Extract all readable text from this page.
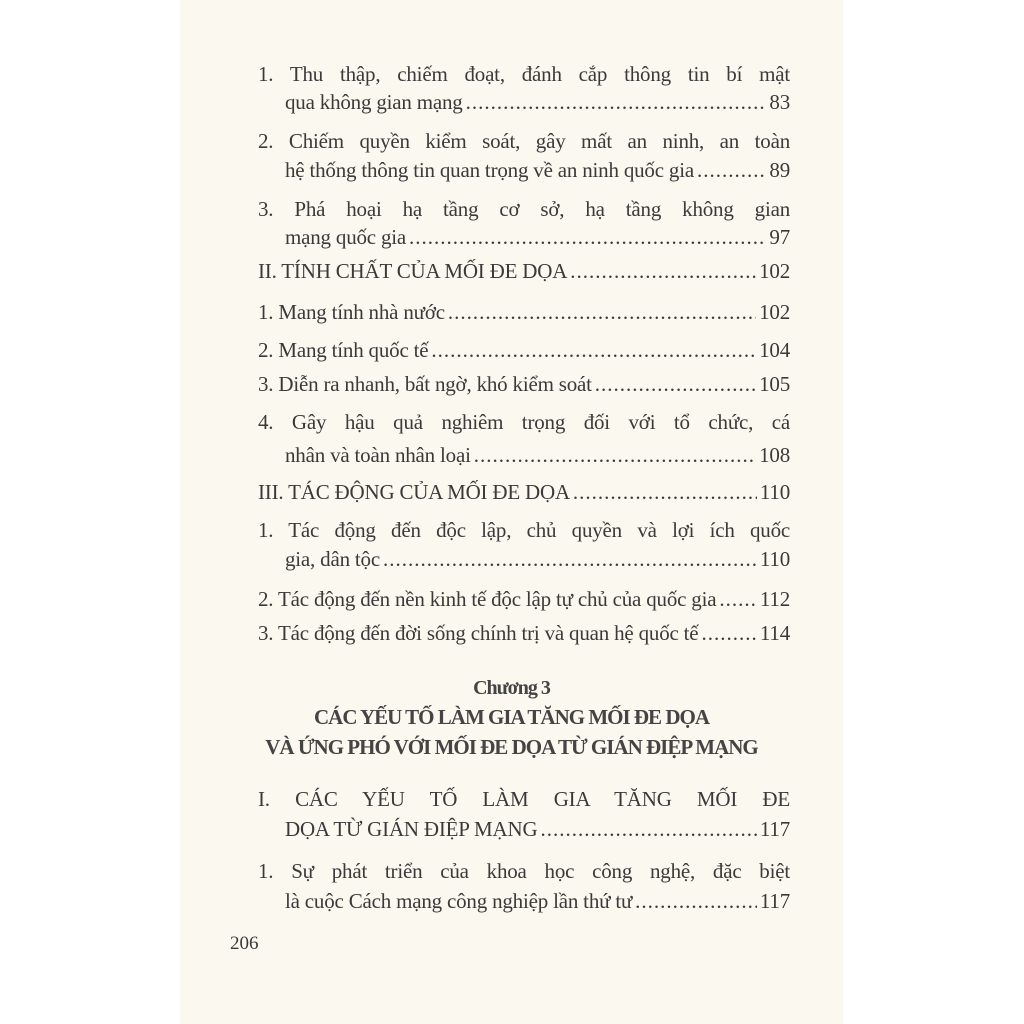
1. Thu thập, chiếm đoạt, đánh cắp thông tin bí mật
qua không gian mạng .....	83
2. Chiếm quyền kiểm soát, gây mất an ninh, an toàn
hệ thống thông tin quan trọng về an ninh quốc gia .....	89
3. Phá hoại hạ tầng cơ sở, hạ tầng không gian
mạng quốc gia .....	97
II. TÍNH CHẤT CỦA MỐI ĐE DỌA .....	102
1. Mang tính nhà nước .....	102
2. Mang tính quốc tế .....	104
3. Diễn ra nhanh, bất ngờ, khó kiểm soát .....	105
4. Gây hậu quả nghiêm trọng đối với tổ chức, cá
nhân và toàn nhân loại .....	108
III. TÁC ĐỘNG CỦA MỐI ĐE DỌA .....	110
1. Tác động đến độc lập, chủ quyền và lợi ích quốc
gia, dân tộc .....	110
2. Tác động đến nền kinh tế độc lập tự chủ của quốc gia ..... 112
3. Tác động đến đời sống chính trị và quan hệ quốc tế .....	114
I. CÁC YẾU TỐ LÀM GIA TĂNG MỐI ĐE
DỌA TỪ GIÁN ĐIỆP MẠNG .....	117
1. Sự phát triển của khoa học công nghệ, đặc biệt
là cuộc Cách mạng công nghiệp lần thứ tư .....	117
Chương 3
CÁC YẾU TỐ LÀM GIA TĂNG MỐI ĐE DỌA
VÀ ỨNG PHÓ VỚI MỐI ĐE DỌA TỪ GIÁN ĐIỆP MẠNG
206
